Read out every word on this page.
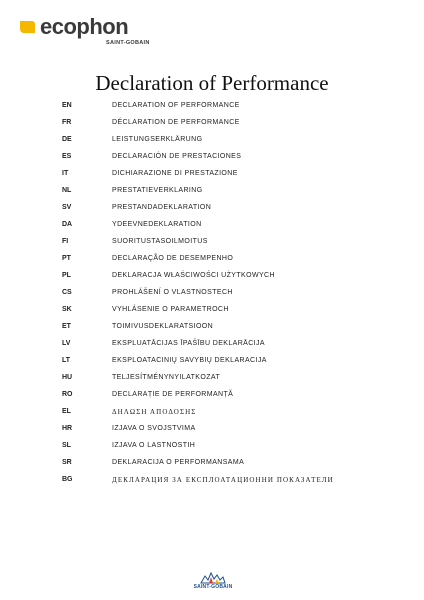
ecophon
SAINT-GOBAIN
Declaration of Performance
EN	DECLARATION OF PERFORMANCE
FR	DÉCLARATION DE PERFORMANCE
DE	LEISTUNGSERKLÄRUNG
ES	DECLARACIÓN DE PRESTACIONES
IT	DICHIARAZIONE DI PRESTAZIONE
NL	PRESTATIEVERKLARING
SV	PRESTANDADEKLARATION
DA	YDEEVNEDEKLARATION
FI	SUORITUSTASOILMOITUS
PT	DECLARAÇÃO DE DESEMPENHO
PL	DEKLARACJA WŁAŚCIWOŚCI UŻYTKOWYCH
CS	PROHLÁŠENÍ O VLASTNOSTECH
SK	VYHLÁSENIE O PARAMETROCH
ET	TOIMIVUSDEKLARATSIOON
LV	EKSPLUATĀCIJAS ĪPAŠĪBU DEKLARĀCIJA
LT	EKSPLOATACINIŲ SAVYBIŲ DEKLARACIJA
HU	TELJESÍTMÉNYNYILATKOZAT
RO	DECLARAȚIE DE PERFORMANȚĂ
EL	ΔΗΛΩΣΗ ΑΠΟΔΟΣΗΣ
HR	IZJAVA O SVOJSTVIMA
SL	IZJAVA O LASTNOSTIH
SR	DEKLARACIJA O PERFORMANSAMA
BG	ДЕКЛАРАЦИЯ ЗА ЕКСПЛОАТАЦИОННИ ПОКАЗАТЕЛИ
SAINT-GOBAIN
